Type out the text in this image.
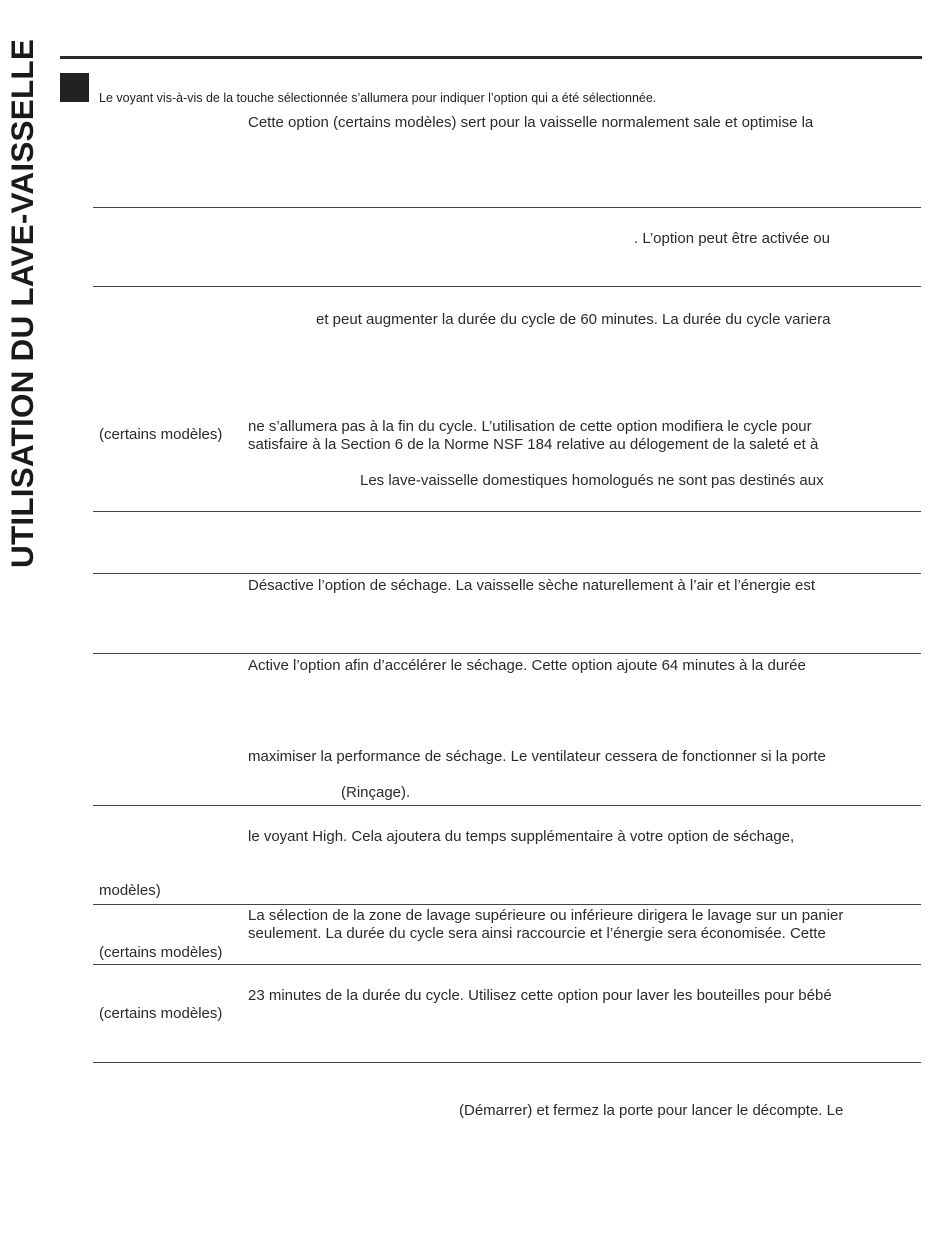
UTILISATION DU LAVE-VAISSELLE	Le voyant vis-à-vis de la touche sélectionnée s’allumera pour indiquer l’option qui a été sélectionnée.
Cette option (certains modèles) sert pour la vaisselle normalement sale et optimise la
. L’option peut être activée ou
et peut augmenter la durée du cycle de 60 minutes. La durée du cycle variera
(certains modèles) ne s’allumera pas à la fin du cycle. L’utilisation de cette option modifiera le cycle pour
satisfaire à la Section 6 de la Norme NSF 184 relative au délogement de la saleté et à
Les lave-vaisselle domestiques homologués ne sont pas destinés aux
Désactive l’option de séchage. La vaisselle sèche naturellement à l’air et l’énergie est
Active l’option afin d’accélérer le séchage. Cette option ajoute 64 minutes à la durée
maximiser la performance de séchage. Le ventilateur cessera de fonctionner si la porte
(Rinçage).
le voyant High. Cela ajoutera du temps supplémentaire à votre option de séchage,
modèles)
La sélection de la zone de lavage supérieure ou inférieure dirigera le lavage sur un panier
seulement. La durée du cycle sera ainsi raccourcie et l’énergie sera économisée. Cette
(certains modèles)
23 minutes de la durée du cycle. Utilisez cette option pour laver les bouteilles pour bébé
(certains modèles)
(Démarrer) et fermez la porte pour lancer le décompte. Le
